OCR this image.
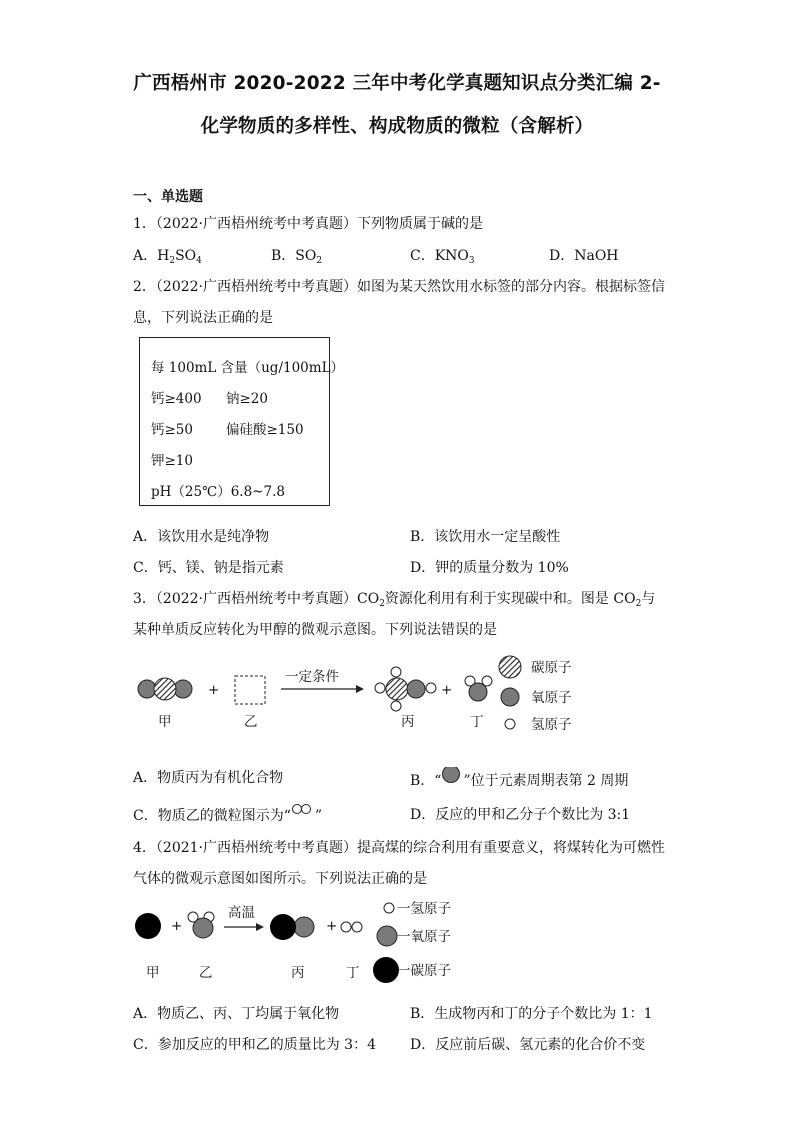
广西梧州市 2020-2022 三年中考化学真题知识点分类汇编 2-
化学物质的多样性、构成物质的微粒（含解析）
一、单选题
1．（2022·广西梧州统考中考真题）下列物质属于碱的是
A．$H_2SO_4$	B．$SO_2$	C．$KNO_3$	D．NaOH
2．（2022·广西梧州统考中考真题）如图为某天然饮用水标签的部分内容。根据标签信
息，下列说法正确的是
每 100mL 含量（ug/100mL）
钙≥400 钠≥20
钙≥50 偏硅酸≥150
钾≥10
pH（25℃）6.8~7.8
A．该饮用水是纯净物	B．该饮用水一定呈酸性
C．钙、镁、钠是指元素	D．钾的质量分数为 10%
3．（2022·广西梧州统考中考真题）$CO_2$资源化利用有利于实现碳中和。图是 $CO_2$与
某种单质反应转化为甲醇的微观示意图。下列说法错误的是
甲
+
乙
一定条件
丙
+
丁
碳原子
氧原子
氢原子
A．物质丙为有机化合物	B．“ ”位于元素周期表第 2 周期
C．物质乙的微粒图示为“ ”	D．反应的甲和乙分子个数比为 3:1
4．（2021·广西梧州统考中考真题）提高煤的综合利用有重要意义，将煤转化为可燃性
气体的微观示意图如图所示。下列说法正确的是
甲
+
乙
高温
丙
+
丁
一氢原子
一氧原子
一碳原子
A．物质乙、丙、丁均属于氧化物	B．生成物丙和丁的分子个数比为 1：1
C．参加反应的甲和乙的质量比为 3：4 D．反应前后碳、氢元素的化合价不变
